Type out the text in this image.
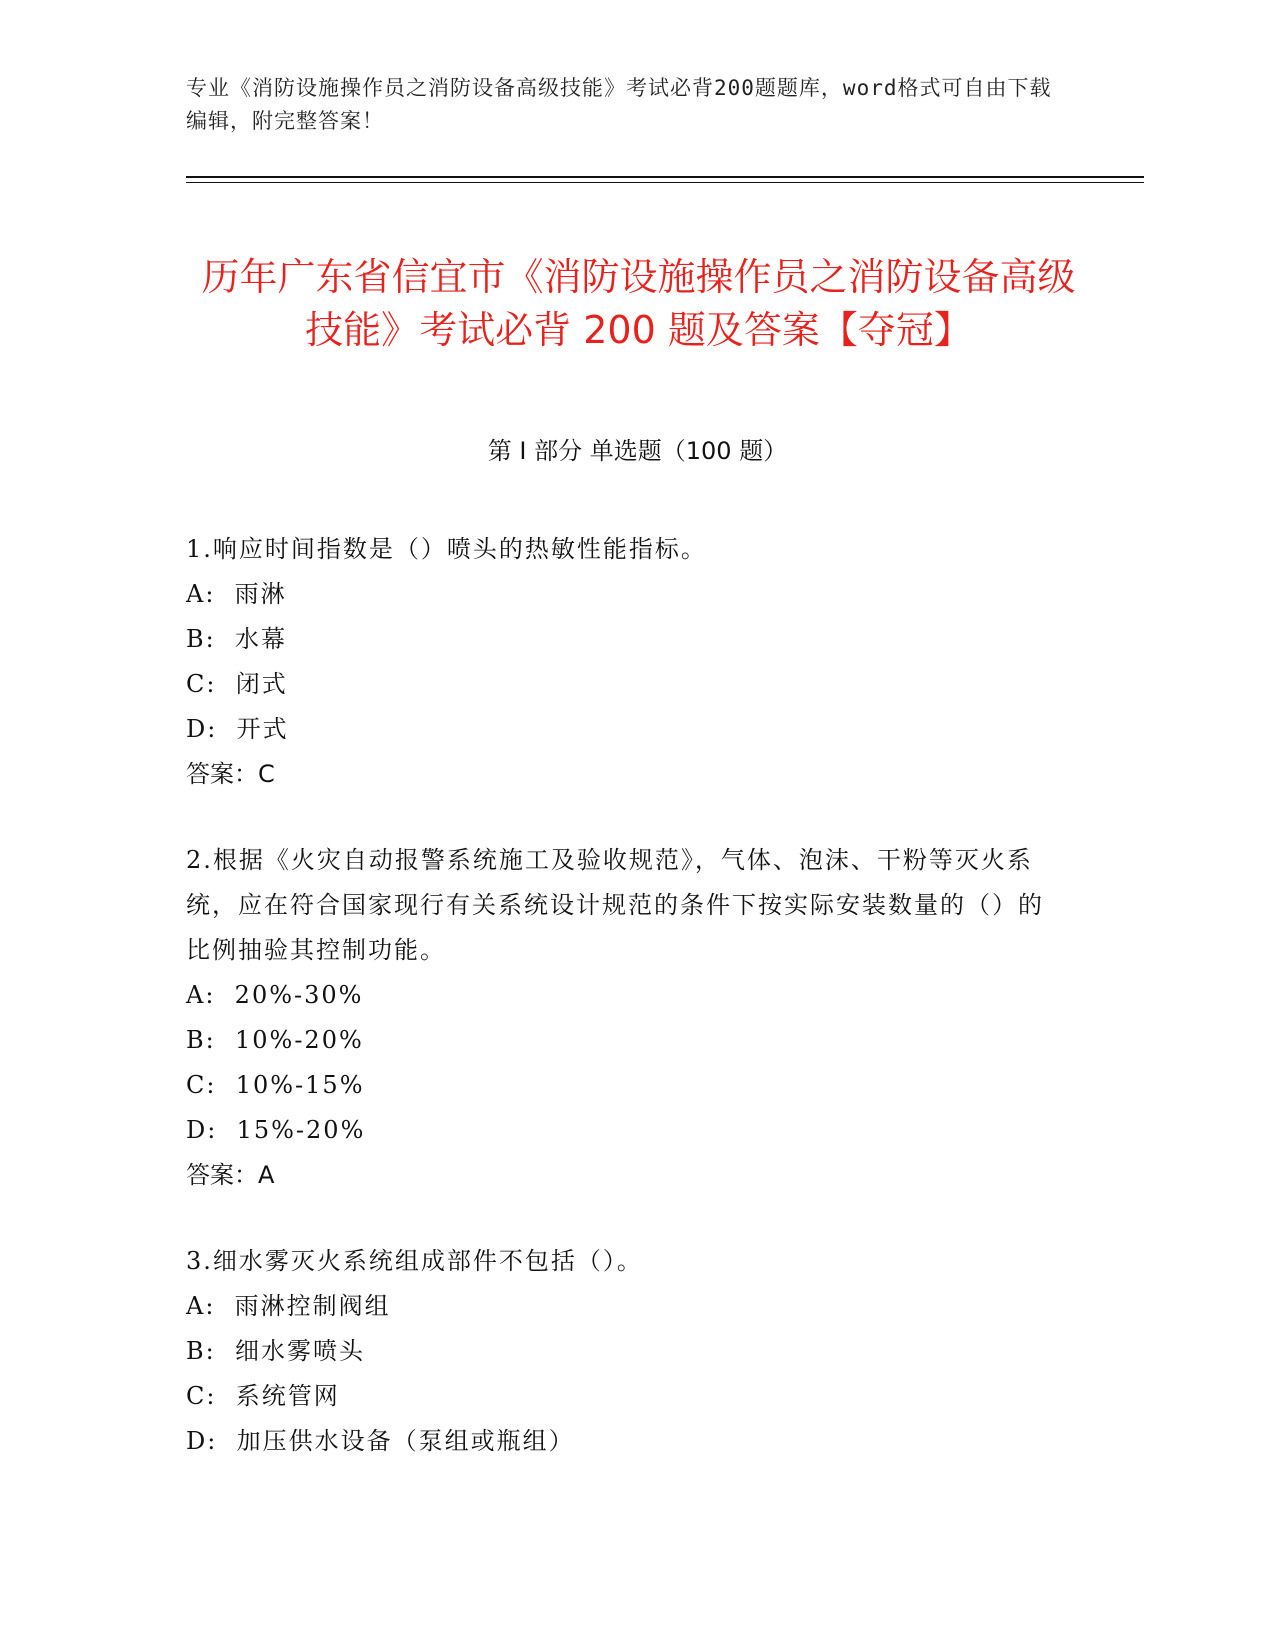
专业《消防设施操作员之消防设备高级技能》考试必背200题题库，word格式可自由下载编辑，附完整答案！
历年广东省信宜市《消防设施操作员之消防设备高级技能》考试必背 200 题及答案【夺冠】
第 I 部分 单选题（100 题）
1.响应时间指数是（）喷头的热敏性能指标。
A:  雨淋
B:  水幕
C:  闭式
D:  开式
答案：C
2.根据《火灾自动报警系统施工及验收规范》，气体、泡沫、干粉等灭火系统，应在符合国家现行有关系统设计规范的条件下按实际安装数量的（）的比例抽验其控制功能。
A:  20%-30%
B:  10%-20%
C:  10%-15%
D:  15%-20%
答案：A
3.细水雾灭火系统组成部件不包括（）。
A:  雨淋控制阀组
B:  细水雾喷头
C:  系统管网
D:  加压供水设备（泵组或瓶组）
